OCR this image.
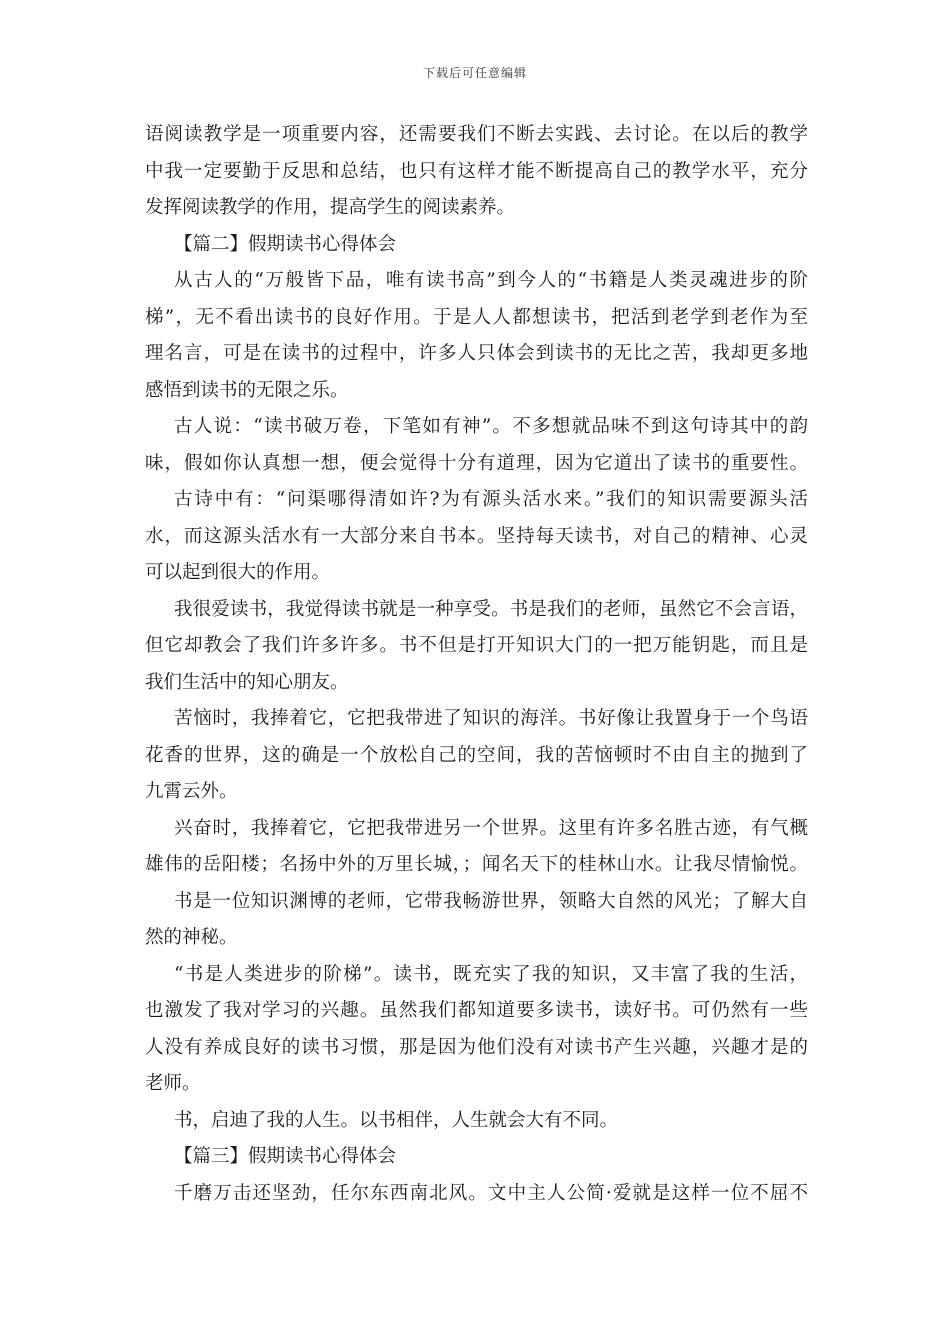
下载后可任意编辑
语阅读教学是一项重要内容，还需要我们不断去实践、去讨论。在以后的教学
中我一定要勤于反思和总结，也只有这样才能不断提高自己的教学水平，充分
发挥阅读教学的作用，提高学生的阅读素养。
【篇二】假期读书心得体会
从古人的“万般皆下品，唯有读书高”到今人的“书籍是人类灵魂进步的阶
梯”，无不看出读书的良好作用。于是人人都想读书，把活到老学到老作为至
理名言，可是在读书的过程中，许多人只体会到读书的无比之苦，我却更多地
感悟到读书的无限之乐。
古人说：“读书破万卷，下笔如有神”。不多想就品味不到这句诗其中的韵
味，假如你认真想一想，便会觉得十分有道理，因为它道出了读书的重要性。
古诗中有：“问渠哪得清如许?为有源头活水来。”我们的知识需要源头活
水，而这源头活水有一大部分来自书本。坚持每天读书，对自己的精神、心灵
可以起到很大的作用。
我很爱读书，我觉得读书就是一种享受。书是我们的老师，虽然它不会言语，
但它却教会了我们许多许多。书不但是打开知识大门的一把万能钥匙，而且是
我们生活中的知心朋友。
苦恼时，我捧着它，它把我带进了知识的海洋。书好像让我置身于一个鸟语
花香的世界，这的确是一个放松自己的空间，我的苦恼顿时不由自主的抛到了
九霄云外。
兴奋时，我捧着它，它把我带进另一个世界。这里有许多名胜古迹，有气概
雄伟的岳阳楼；名扬中外的万里长城，；闻名天下的桂林山水。让我尽情愉悦。
书是一位知识渊博的老师，它带我畅游世界，领略大自然的风光；了解大自
然的神秘。
“书是人类进步的阶梯”。读书，既充实了我的知识，又丰富了我的生活，
也激发了我对学习的兴趣。虽然我们都知道要多读书，读好书。可仍然有一些
人没有养成良好的读书习惯，那是因为他们没有对读书产生兴趣，兴趣才是的
老师。
书，启迪了我的人生。以书相伴，人生就会大有不同。
【篇三】假期读书心得体会
千磨万击还坚劲，任尔东西南北风。文中主人公简·爱就是这样一位不屈不
